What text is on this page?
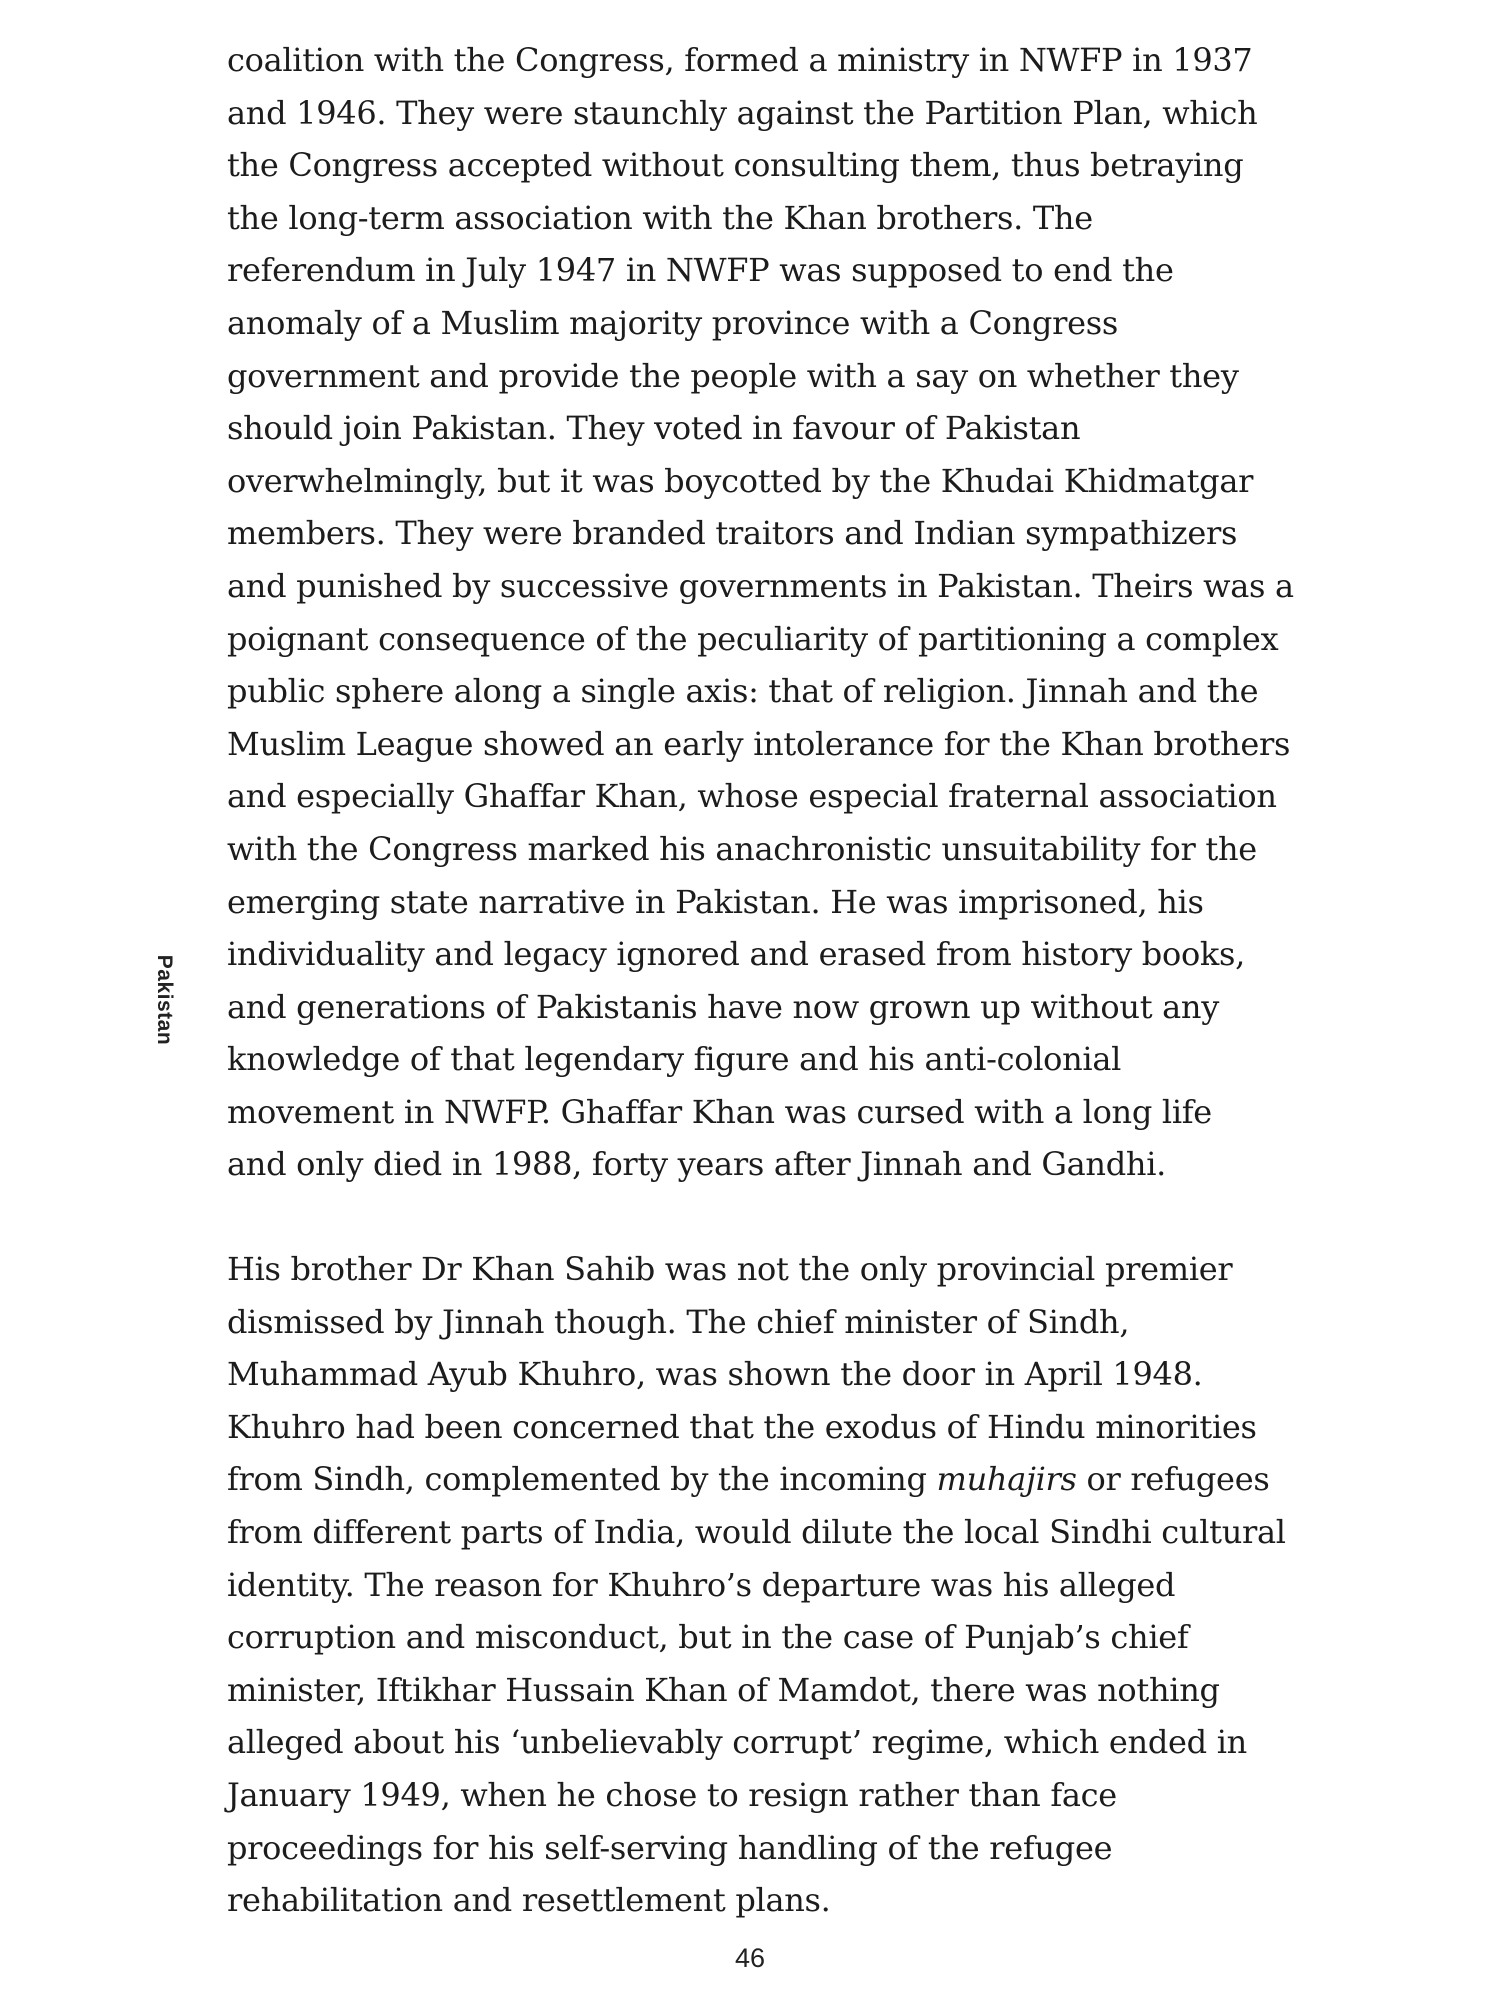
Pakistan
coalition with the Congress, formed a ministry in NWFP in 1937
and 1946. They were staunchly against the Partition Plan, which
the Congress accepted without consulting them, thus betraying
the long-term association with the Khan brothers. The
referendum in July 1947 in NWFP was supposed to end the
anomaly of a Muslim majority province with a Congress
government and provide the people with a say on whether they
should join Pakistan. They voted in favour of Pakistan
overwhelmingly, but it was boycotted by the Khudai Khidmatgar
members. They were branded traitors and Indian sympathizers
and punished by successive governments in Pakistan. Theirs was a
poignant consequence of the peculiarity of partitioning a complex
public sphere along a single axis: that of religion. Jinnah and the
Muslim League showed an early intolerance for the Khan brothers
and especially Ghaffar Khan, whose especial fraternal association
with the Congress marked his anachronistic unsuitability for the
emerging state narrative in Pakistan. He was imprisoned, his
individuality and legacy ignored and erased from history books,
and generations of Pakistanis have now grown up without any
knowledge of that legendary figure and his anti-colonial
movement in NWFP. Ghaffar Khan was cursed with a long life
and only died in 1988, forty years after Jinnah and Gandhi.
His brother Dr Khan Sahib was not the only provincial premier
dismissed by Jinnah though. The chief minister of Sindh,
Muhammad Ayub Khuhro, was shown the door in April 1948.
Khuhro had been concerned that the exodus of Hindu minorities
from Sindh, complemented by the incoming muhajirs or refugees
from different parts of India, would dilute the local Sindhi cultural
identity. The reason for Khuhro’s departure was his alleged
corruption and misconduct, but in the case of Punjab’s chief
minister, Iftikhar Hussain Khan of Mamdot, there was nothing
alleged about his ‘unbelievably corrupt’ regime, which ended in
January 1949, when he chose to resign rather than face
proceedings for his self-serving handling of the refugee
rehabilitation and resettlement plans.
46
